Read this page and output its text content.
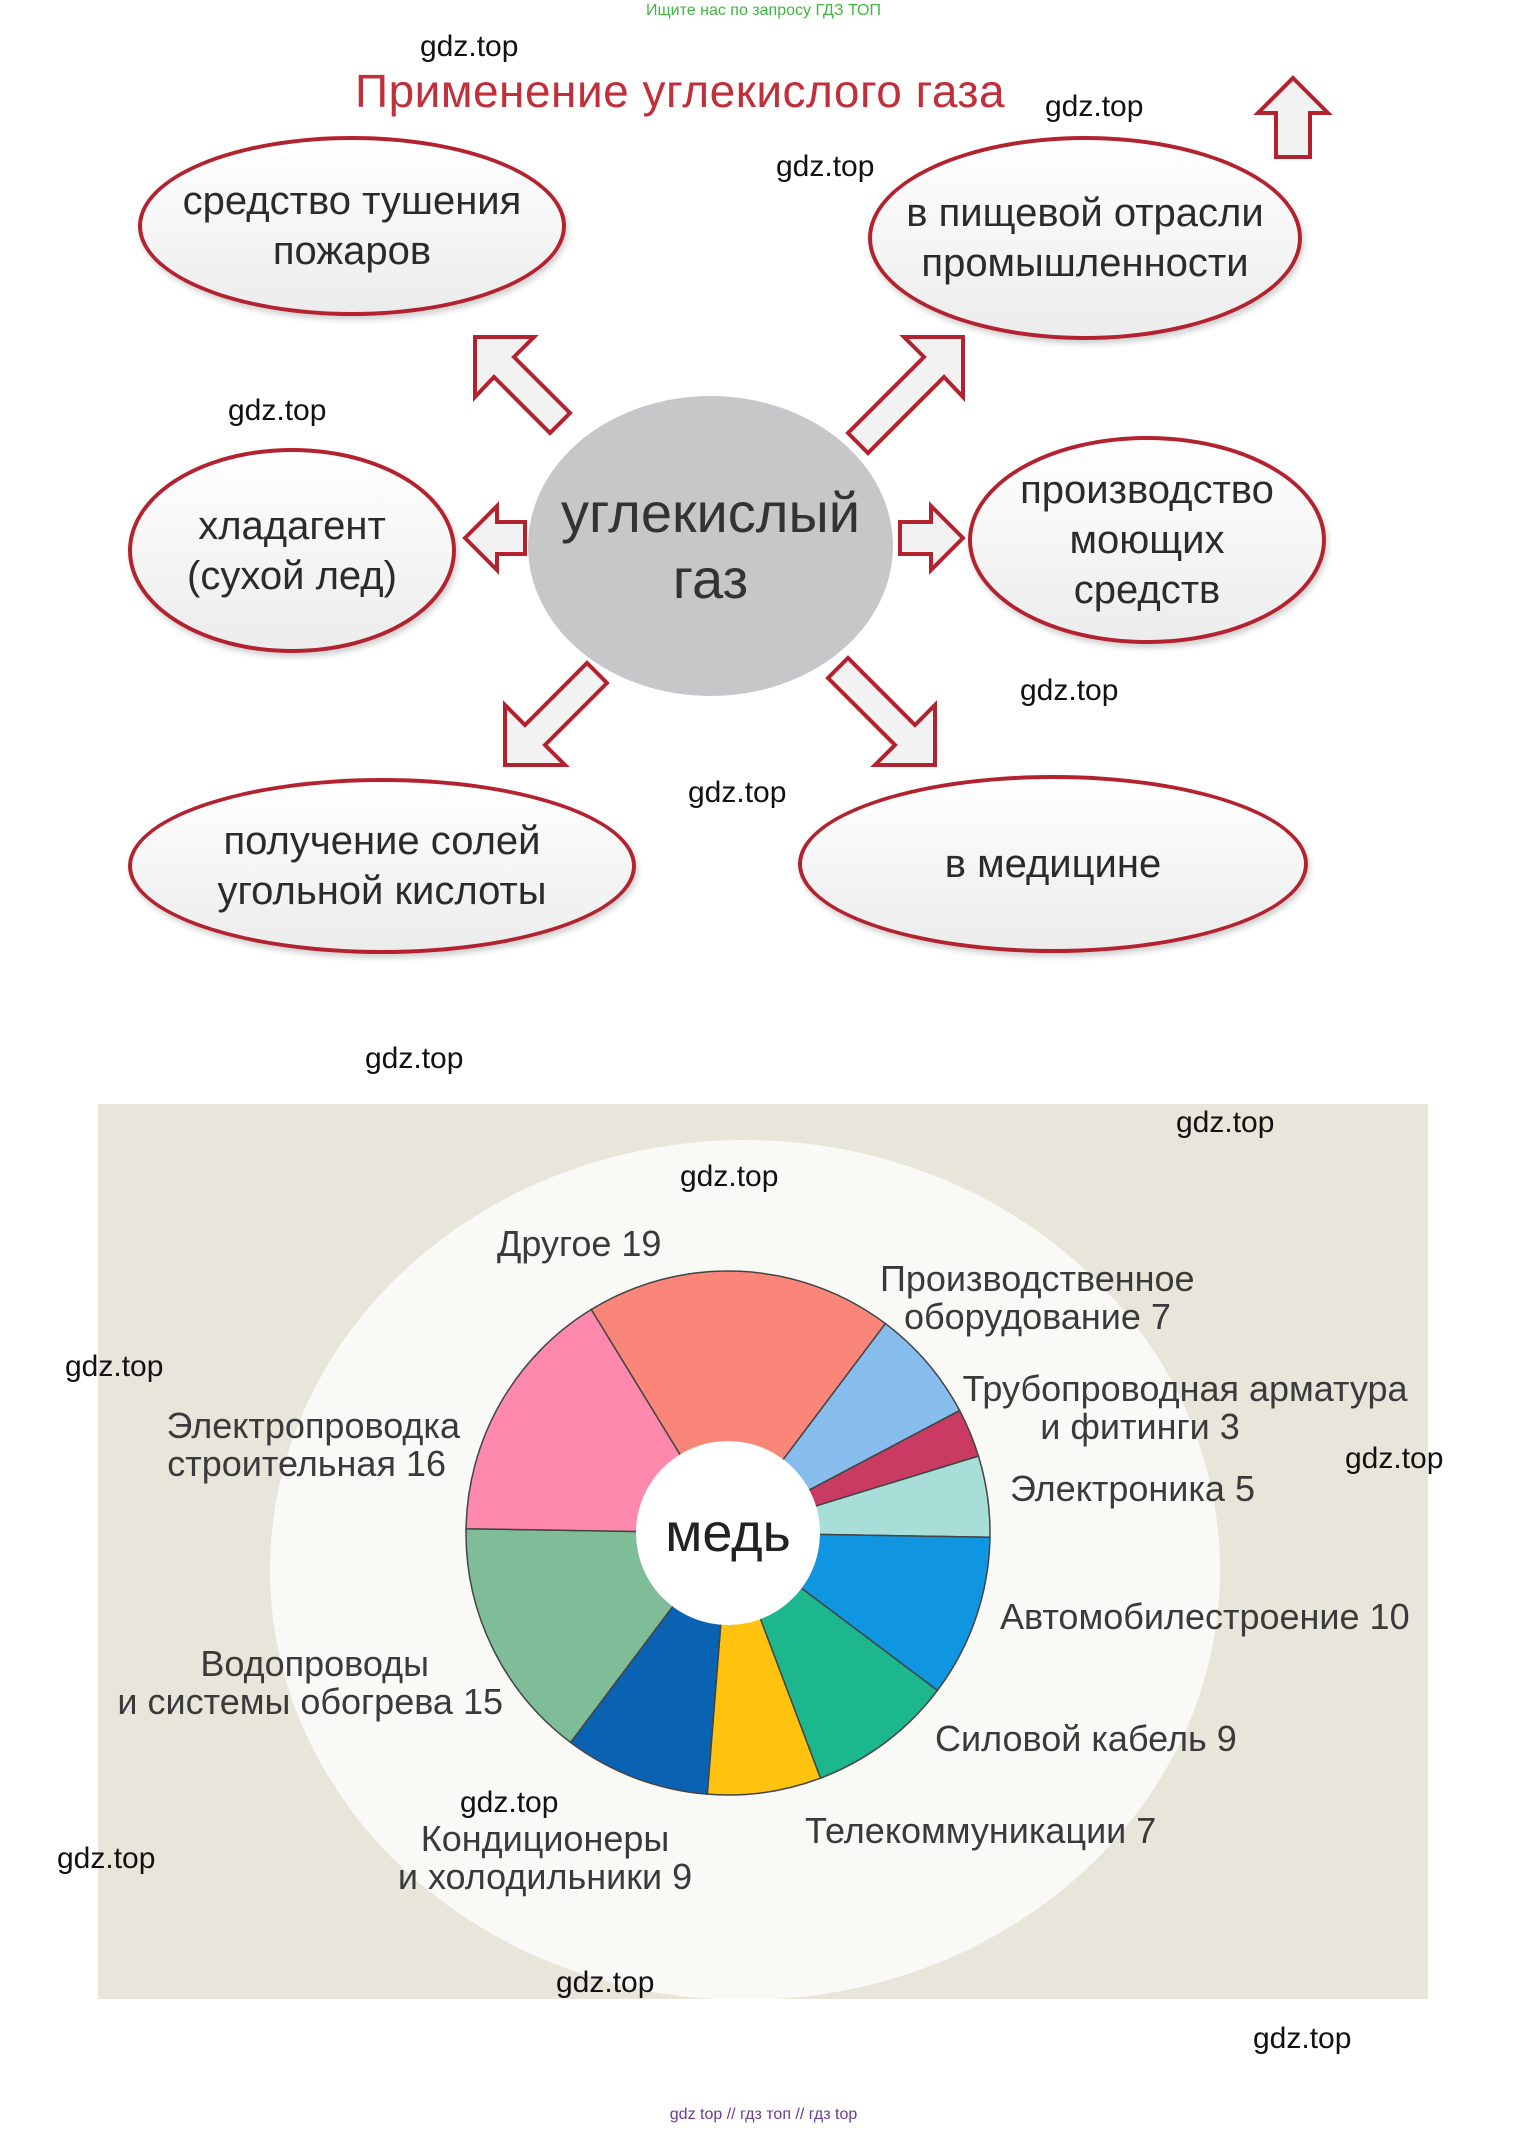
Ищите нас по запросу ГДЗ ТОП
Применение углекислого газа
углекислый
газ
средство тушения
пожаров
в пищевой отрасли
промышленности
хладагент
(сухой лед)
производство
моющих
средств
получение солей
угольной кислоты
в медицине
медь
Другое 19
Производственное
оборудование 7
Трубопроводная арматура
и фитинги 3
Электроника 5
Автомобилестроение 10
Силовой кабель 9
Телекоммуникации 7
Кондиционеры
и холодильники 9
Водопроводы
и системы обогрева 15
Электропроводка
строительная 16
gdz.top
gdz.top
gdz.top
gdz.top
gdz.top
gdz.top
gdz.top
gdz.top
gdz.top
gdz.top
gdz.top
gdz.top
gdz.top
gdz.top
gdz.top
gdz top // гдз топ // гдз top
